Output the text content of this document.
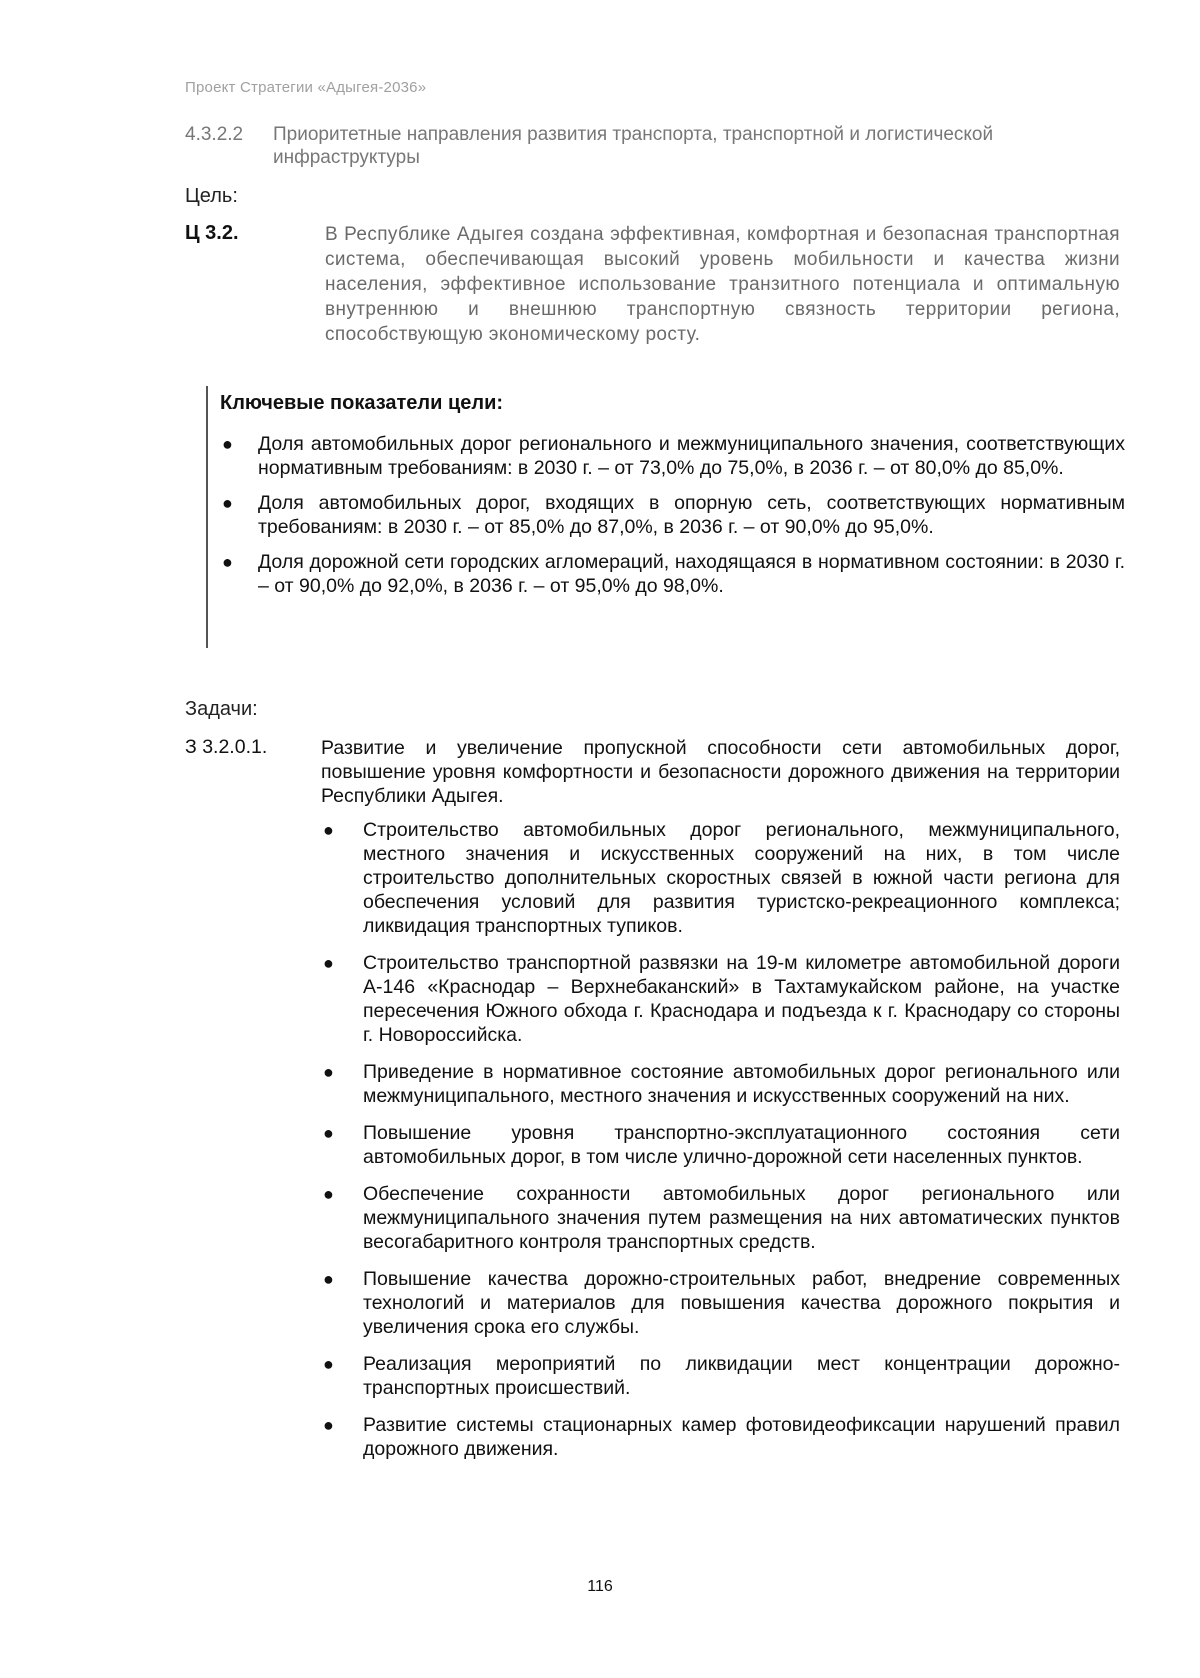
Проект Стратегии «Адыгея-2036»
4.3.2.2 Приоритетные направления развития транспорта, транспортной и логистической инфраструктуры
Цель:
Ц 3.2.	В Республике Адыгея создана эффективная, комфортная и безопасная транспортная система, обеспечивающая высокий уровень мобильности и качества жизни населения, эффективное использование транзитного потенциала и оптимальную внутреннюю и внешнюю транспортную связность территории региона, способствующую экономическому росту.
Ключевые показатели цели:
● Доля автомобильных дорог регионального и межмуниципального значения, соответствующих нормативным требованиям: в 2030 г. – от 73,0% до 75,0%, в 2036 г. – от 80,0% до 85,0%.
● Доля автомобильных дорог, входящих в опорную сеть, соответствующих нормативным требованиям: в 2030 г. – от 85,0% до 87,0%, в 2036 г. – от 90,0% до 95,0%.
● Доля дорожной сети городских агломераций, находящаяся в нормативном состоянии: в 2030 г. – от 90,0% до 92,0%, в 2036 г. – от 95,0% до 98,0%.
Задачи:
З 3.2.0.1.	Развитие и увеличение пропускной способности сети автомобильных дорог, повышение уровня комфортности и безопасности дорожного движения на территории Республики Адыгея.
● Строительство автомобильных дорог регионального, межмуниципального, местного значения и искусственных сооружений на них, в том числе строительство дополнительных скоростных связей в южной части региона для обеспечения условий для развития туристско-рекреационного комплекса; ликвидация транспортных тупиков.
● Строительство транспортной развязки на 19-м километре автомобильной дороги А-146 «Краснодар – Верхнебаканский» в Тахтамукайском районе, на участке пересечения Южного обхода г. Краснодара и подъезда к г. Краснодару со стороны г. Новороссийска.
● Приведение в нормативное состояние автомобильных дорог регионального или межмуниципального, местного значения и искусственных сооружений на них.
● Повышение уровня транспортно-эксплуатационного состояния сети автомобильных дорог, в том числе улично-дорожной сети населенных пунктов.
● Обеспечение сохранности автомобильных дорог регионального или межмуниципального значения путем размещения на них автоматических пунктов весогабаритного контроля транспортных средств.
● Повышение качества дорожно-строительных работ, внедрение современных технологий и материалов для повышения качества дорожного покрытия и увеличения срока его службы.
● Реализация мероприятий по ликвидации мест концентрации дорожно-транспортных происшествий.
● Развитие системы стационарных камер фотовидеофиксации нарушений правил дорожного движения.
116
